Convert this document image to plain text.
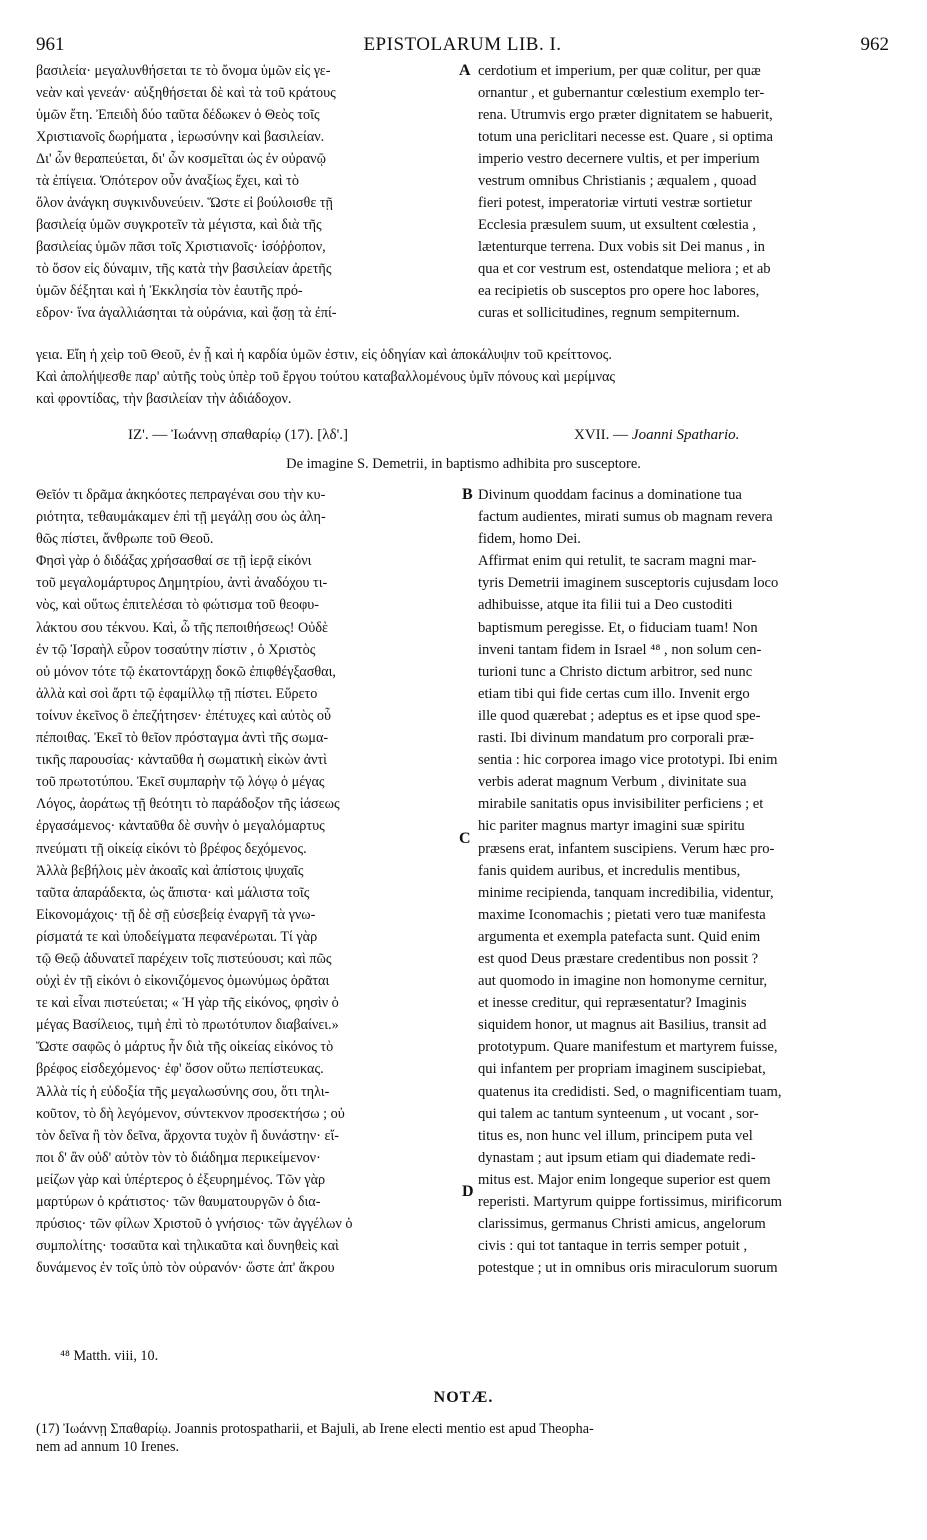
961	EPISTOLARUM LIB. I.	962

βασιλεία· μεγαλυνθήσεται τε τὸ ὄνομα ὑμῶν εἰς γε-

νεὰν καὶ γενεάν· αὐξηθήσεται δὲ καὶ τὰ τοῦ κράτους

ὑμῶν ἔτη. Ἐπειδὴ δύο ταῦτα δέδωκεν ὁ Θεὸς τοῖς

Χριστιανοῖς δωρήματα , ἱερωσύνην καὶ βασιλείαν.

Δι' ὧν θεραπεύεται, δι' ὧν κοσμεῖται ὡς ἐν οὐρανῷ

τὰ ἐπίγεια. Ὁπότερον οὖν ἀναξίως ἔχει, καὶ τὸ

ὅλον ἀνάγκη συγκινδυνεύειν. Ὥστε εἰ βούλοισθε τῇ

βασιλείᾳ ὑμῶν συγκροτεῖν τὰ μέγιστα, καὶ διὰ τῆς

βασιλείας ὑμῶν πᾶσι τοῖς Χριστιανοῖς· ἰσόῤῥοπον,

τὸ ὅσον εἰς δύναμιν, τῆς κατὰ τὴν βασιλείαν ἀρετῆς

ὑμῶν δέξηται καὶ ἡ Ἐκκλησία τὸν ἑαυτῆς πρό-

εδρον· ἵνα ἀγαλλιάσηται τὰ οὐράνια, καὶ ᾄσῃ τὰ ἐπί-

cerdotium et imperium, per quæ colitur, per quæ

ornantur , et gubernantur cœlestium exemplo ter-

rena. Utrumvis ergo præter dignitatem se habuerit,

totum una periclitari necesse est. Quare , si optima

imperio vestro decernere vultis, et per imperium

vestrum omnibus Christianis ; æqualem , quoad

fieri potest, imperatoriæ virtuti vestræ sortietur

Ecclesia præsulem suum, ut exsultent cœlestia ,

lætenturque terrena. Dux vobis sit Dei manus , in

qua et cor vestrum est, ostendatque meliora ; et ab

ea recipietis ob susceptos pro opere hoc labores,

curas et sollicitudines, regnum sempiternum.

A

γεια. Εἴη ἡ χεὶρ τοῦ Θεοῦ, ἐν ᾗ καὶ ἡ καρδία ὑμῶν ἐστιν, εἰς ὁδηγίαν καὶ ἀποκάλυψιν τοῦ κρείττονος.

Καὶ ἀπολήψεσθε παρ' αὐτῆς τοὺς ὑπὲρ τοῦ ἔργου τούτου καταβαλλομένους ὑμῖν πόνους καὶ μερίμνας

καὶ φροντίδας, τὴν βασιλείαν τὴν ἀδιάδοχον.

ΙΖ'. — Ἰωάννῃ σπαθαρίῳ (17). [λδ'.]	XVII. — Joanni Spathario.
De imagine S. Demetrii, in baptismo adhibita pro susceptore.

Θεῖόν τι δρᾶμα ἀκηκόοτες πεπραγέναι σου τὴν κυ-

ριότητα, τεθαυμάκαμεν ἐπὶ τῇ μεγάλῃ σου ὡς ἀλη-

θῶς πίστει, ἄνθρωπε τοῦ Θεοῦ.

Φησὶ γὰρ ὁ διδάξας χρήσασθαί σε τῇ ἱερᾷ εἰκόνι

τοῦ μεγαλομάρτυρος Δημητρίου, ἀντὶ ἀναδόχου τι-

νὸς, καὶ οὕτως ἐπιτελέσαι τὸ φώτισμα τοῦ θεοφυ-

λάκτου σου τέκνου. Καὶ, ὦ τῆς πεποιθήσεως! Οὐδὲ

ἐν τῷ Ἰσραὴλ εὗρον τοσαύτην πίστιν , ὁ Χριστὸς

οὐ μόνον τότε τῷ ἑκατοντάρχῃ δοκῶ ἐπιφθέγξασθαι,

ἀλλὰ καὶ σοὶ ἄρτι τῷ ἐφαμίλλῳ τῇ πίστει. Εὕρετο

τοίνυν ἐκεῖνος ὃ ἐπεζήτησεν· ἐπέτυχες καὶ αὐτὸς οὗ

πέποιθας. Ἐκεῖ τὸ θεῖον πρόσταγμα ἀντὶ τῆς σωμα-

τικῆς παρουσίας· κἀνταῦθα ἡ σωματικὴ εἰκὼν ἀντὶ

τοῦ πρωτοτύπου. Ἐκεῖ συμπαρὴν τῷ λόγῳ ὁ μέγας

Λόγος, ἀοράτως τῇ θεότητι τὸ παράδοξον τῆς ἰάσεως

ἐργασάμενος· κἀνταῦθα δὲ συνὴν ὁ μεγαλόμαρτυς

πνεύματι τῇ οἰκείᾳ εἰκόνι τὸ βρέφος δεχόμενος.

Ἀλλὰ βεβήλοις μὲν ἀκοαῖς καὶ ἀπίστοις ψυχαῖς

ταῦτα ἀπαράδεκτα, ὡς ἄπιστα· καὶ μάλιστα τοῖς

Εἰκονομάχοις· τῇ δὲ σῇ εὐσεβείᾳ ἐναργῆ τὰ γνω-

ρίσματά τε καὶ ὑποδείγματα πεφανέρωται. Τί γὰρ

τῷ Θεῷ ἀδυνατεῖ παρέχειν τοῖς πιστεύουσι; καὶ πῶς

οὐχὶ ἐν τῇ εἰκόνι ὁ εἰκονιζόμενος ὁμωνύμως ὁρᾶται

τε καὶ εἶναι πιστεύεται; « Ἡ γὰρ τῆς εἰκόνος, φησὶν ὁ

μέγας Βασίλειος, τιμὴ ἐπὶ τὸ πρωτότυπον διαβαίνει.»

Ὥστε σαφῶς ὁ μάρτυς ἦν διὰ τῆς οἰκείας εἰκόνος τὸ

βρέφος εἰσδεχόμενος· ἐφ' ὅσον οὕτω πεπίστευκας.

Ἀλλὰ τίς ἡ εὐδοξία τῆς μεγαλωσύνης σου, ὅτι τηλι-

κοῦτον, τὸ δὴ λεγόμενον, σύντεκνον προσεκτήσω ; οὐ

τὸν δεῖνα ἢ τὸν δεῖνα, ἄρχοντα τυχὸν ἢ δυνάστην· εἴ-

ποι δ' ἂν οὐδ' αὐτὸν τὸν τὸ διάδημα περικείμενον·

μείζων γὰρ καὶ ὑπέρτερος ὁ ἐξευρημένος. Τῶν γὰρ

μαρτύρων ὁ κράτιστος· τῶν θαυματουργῶν ὁ δια-

πρύσιος· τῶν φίλων Χριστοῦ ὁ γνήσιος· τῶν ἀγγέλων ὁ

συμπολίτης· τοσαῦτα καὶ τηλικαῦτα καὶ δυνηθεὶς καὶ

δυνάμενος ἐν τοῖς ὑπὸ τὸν οὐρανόν· ὥστε ἀπ' ἄκρου

Divinum quoddam facinus a dominatione tua

factum audientes, mirati sumus ob magnam revera

fidem, homo Dei.

Affirmat enim qui retulit, te sacram magni mar-

tyris Demetrii imaginem susceptoris cujusdam loco

adhibuisse, atque ita filii tui a Deo custoditi

baptismum peregisse. Et, o fiduciam tuam! Non

inveni tantam fidem in Israel ⁴⁸ , non solum cen-

turioni tunc a Christo dictum arbitror, sed nunc

etiam tibi qui fide certas cum illo. Invenit ergo

ille quod quærebat ; adeptus es et ipse quod spe-

rasti. Ibi divinum mandatum pro corporali præ-

sentia : hic corporea imago vice prototypi. Ibi enim

verbis aderat magnum Verbum , divinitate sua

mirabile sanitatis opus invisibiliter perficiens ; et

hic pariter magnus martyr imagini suæ spiritu

præsens erat, infantem suscipiens. Verum hæc pro-

fanis quidem auribus, et incredulis mentibus,

minime recipienda, tanquam incredibilia, videntur,

maxime Iconomachis ; pietati vero tuæ manifesta

argumenta et exempla patefacta sunt. Quid enim

est quod Deus præstare credentibus non possit ?

aut quomodo in imagine non homonyme cernitur,

et inesse creditur, qui repræsentatur? Imaginis

siquidem honor, ut magnus ait Basilius, transit ad

prototypum. Quare manifestum et martyrem fuisse,

qui infantem per propriam imaginem suscipiebat,

quatenus ita credidisti. Sed, o magnificentiam tuam,

qui talem ac tantum synteenum , ut vocant , sor-

titus es, non hunc vel illum, principem puta vel

dynastam ; aut ipsum etiam qui diademate redi-

mitus est. Major enim longeque superior est quem

reperisti. Martyrum quippe fortissimus, mirificorum

clarissimus, germanus Christi amicus, angelorum

civis : qui tot tantaque in terris semper potuit ,

potestque ; ut in omnibus oris miraculorum suorum

B
C
D
⁴⁸ Matth. viii, 10.
NOTÆ.

(17) Ἰωάννῃ Σπαθαρίῳ. Joannis protospatharii, et Bajuli, ab Irene electi mentio est apud Theopha-

nem ad annum 10 Irenes.
